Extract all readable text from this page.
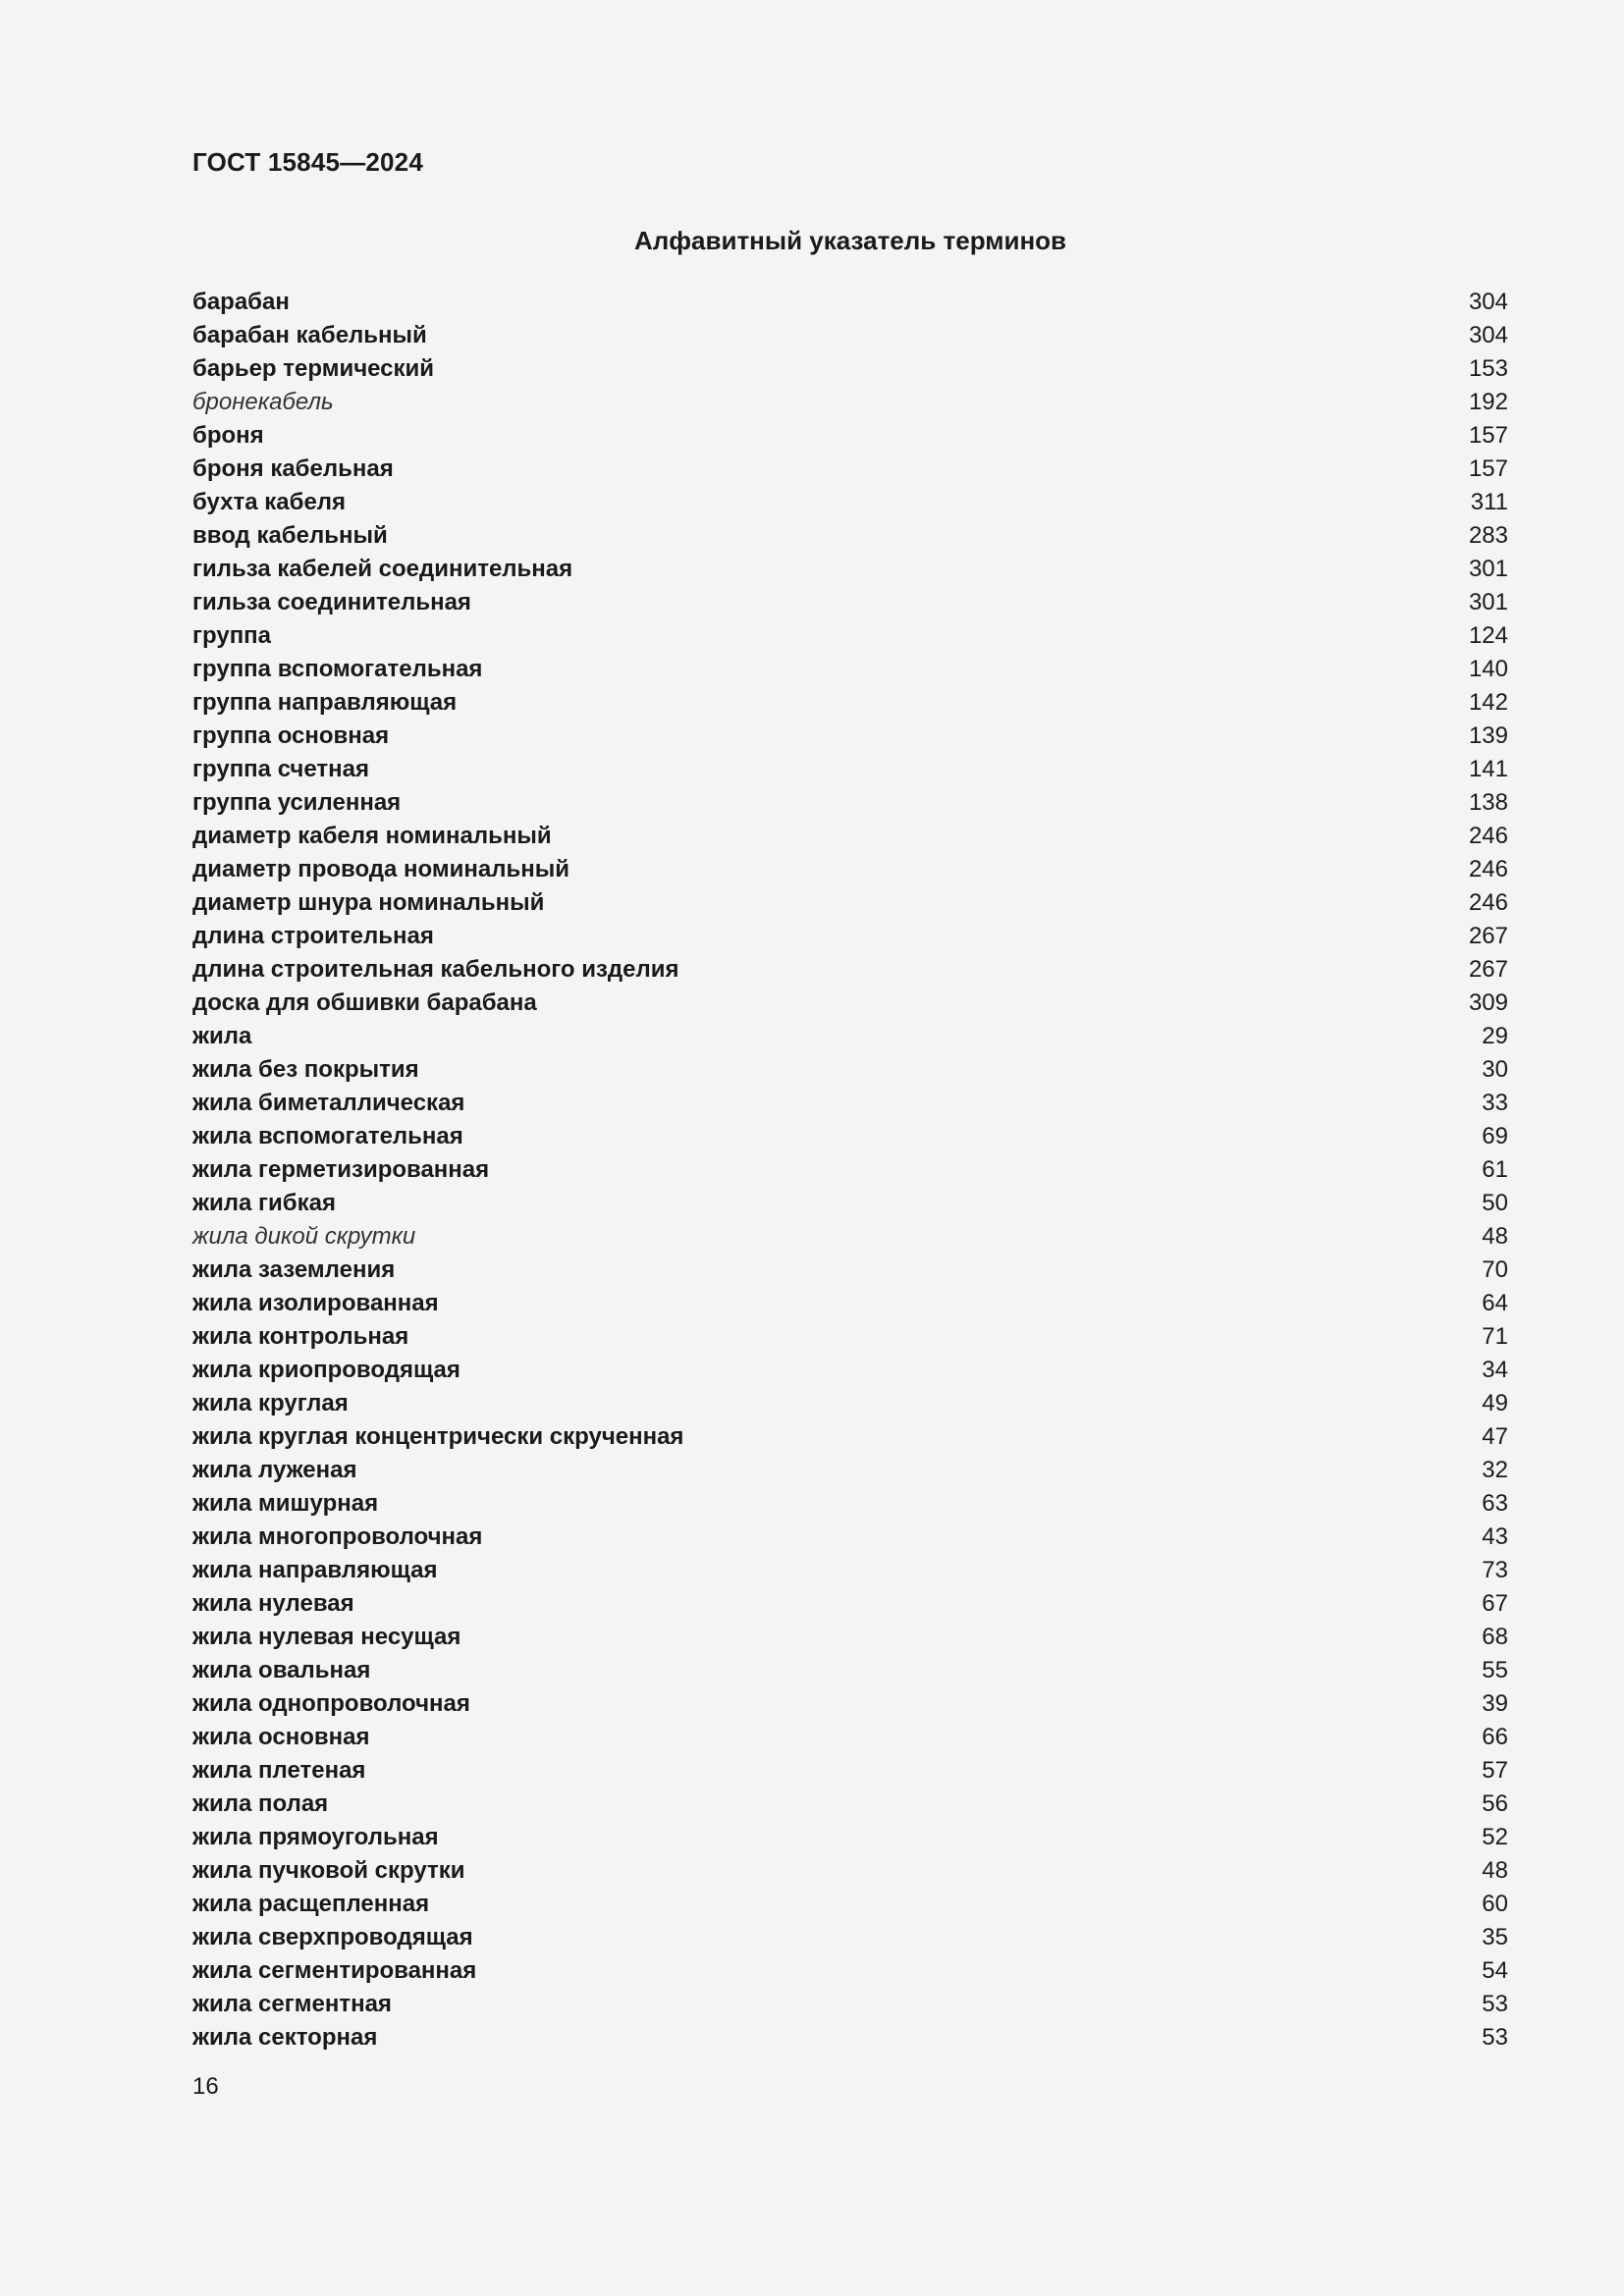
ГОСТ 15845—2024
Алфавитный указатель терминов
барабан	304
барабан кабельный	304
барьер термический	153
бронекабель	192
броня	157
броня кабельная	157
бухта кабеля	311
ввод кабельный	283
гильза кабелей соединительная	301
гильза соединительная	301
группа	124
группа вспомогательная	140
группа направляющая	142
группа основная	139
группа счетная	141
группа усиленная	138
диаметр кабеля номинальный	246
диаметр провода номинальный	246
диаметр шнура номинальный	246
длина строительная	267
длина строительная кабельного изделия	267
доска для обшивки барабана	309
жила	29
жила без покрытия	30
жила биметаллическая	33
жила вспомогательная	69
жила герметизированная	61
жила гибкая	50
жила дикой скрутки	48
жила заземления	70
жила изолированная	64
жила контрольная	71
жила криопроводящая	34
жила круглая	49
жила круглая концентрически скрученная	47
жила луженая	32
жила мишурная	63
жила многопроволочная	43
жила направляющая	73
жила нулевая	67
жила нулевая несущая	68
жила овальная	55
жила однопроволочная	39
жила основная	66
жила плетеная	57
жила полая	56
жила прямоугольная	52
жила пучковой скрутки	48
жила расщепленная	60
жила сверхпроводящая	35
жила сегментированная	54
жила сегментная	53
жила секторная	53
16
